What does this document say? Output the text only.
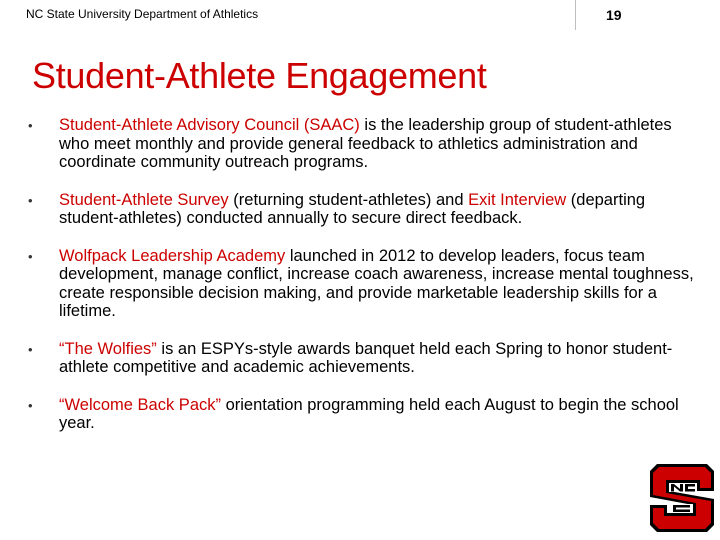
NC State University Department of Athletics	19
Student-Athlete Engagement
• Student-Athlete Advisory Council (SAAC) is the leadership group of student-athletes who meet monthly and provide general feedback to athletics administration and coordinate community outreach programs.
• Student-Athlete Survey (returning student-athletes) and Exit Interview (departing student-athletes) conducted annually to secure direct feedback.
• Wolfpack Leadership Academy launched in 2012 to develop leaders, focus team development, manage conflict, increase coach awareness, increase mental toughness, create responsible decision making, and provide marketable leadership skills for a lifetime.
• “The Wolfies” is an ESPYs-style awards banquet held each Spring to honor student-athlete competitive and academic achievements.
• “Welcome Back Pack” orientation programming held each August to begin the school year.
